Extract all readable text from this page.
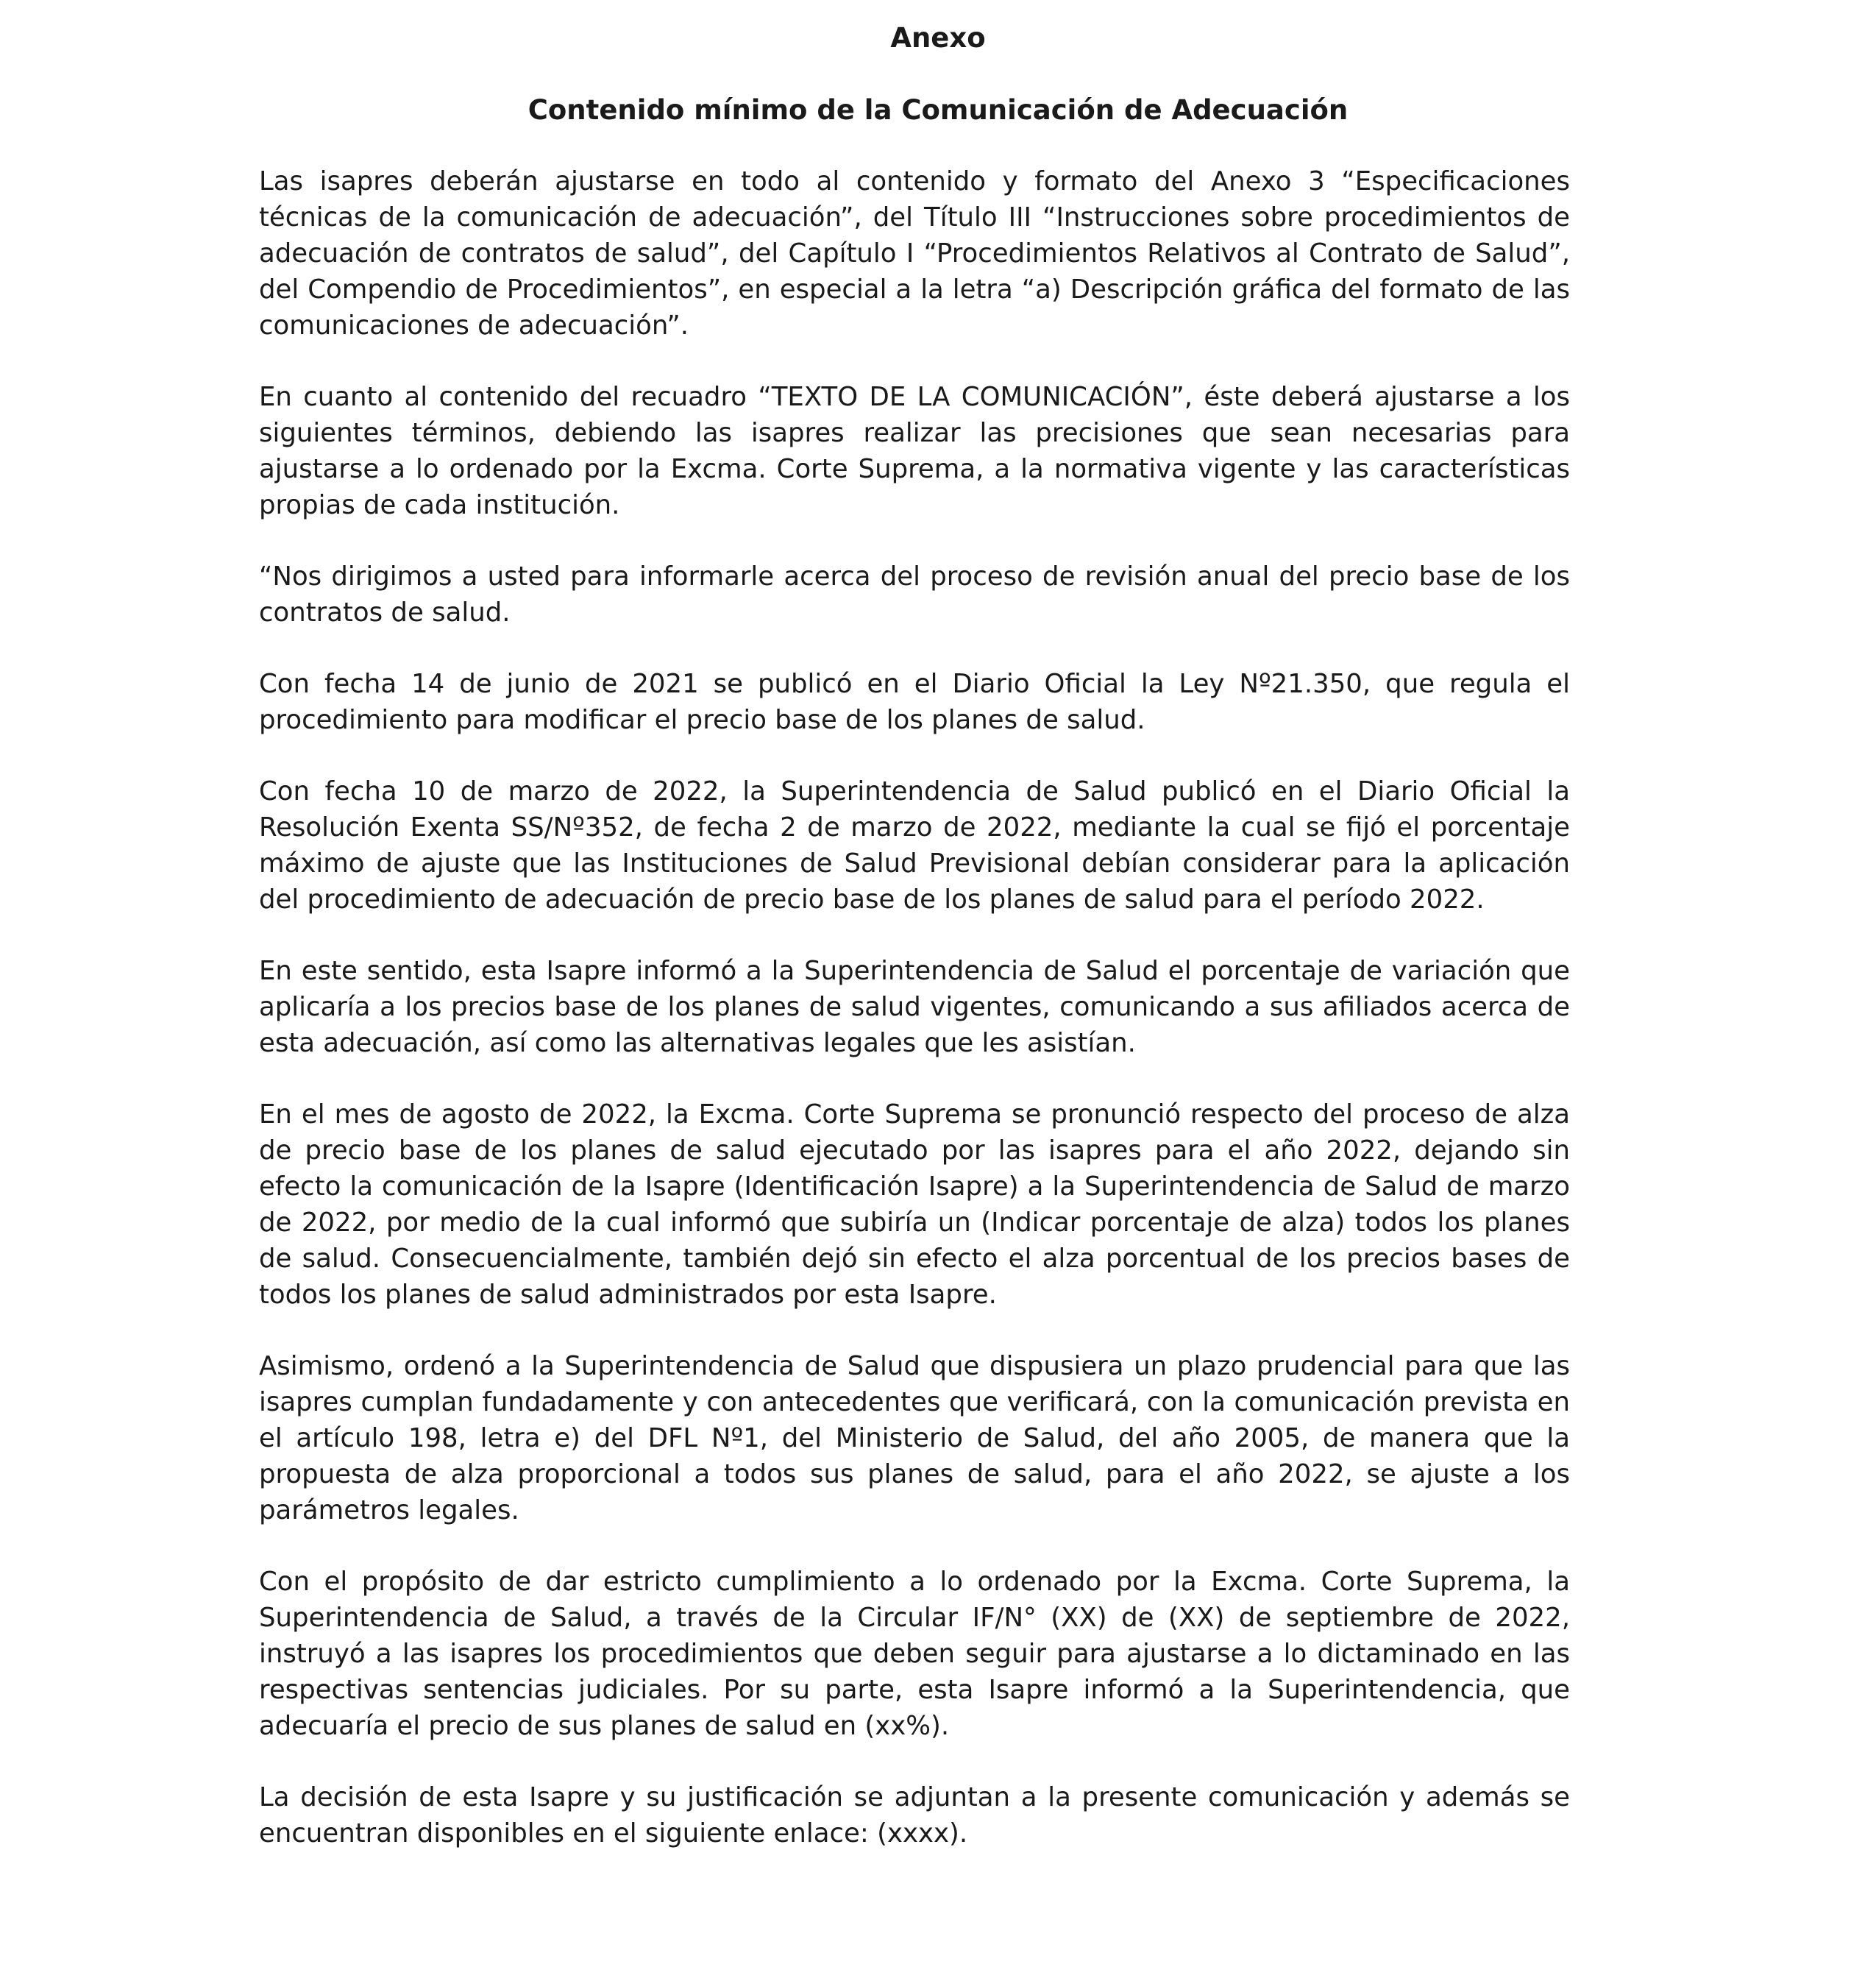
Anexo
Contenido mínimo de la Comunicación de Adecuación

Las isapres deberán ajustarse en todo al contenido y formato del Anexo 3 “Especificaciones técnicas de la comunicación de adecuación”, del Título III “Instrucciones sobre procedimientos de adecuación de contratos de salud”, del Capítulo I “Procedimientos Relativos al Contrato de Salud”, del Compendio de Procedimientos”, en especial a la letra “a) Descripción gráfica del formato de las comunicaciones de adecuación”.

En cuanto al contenido del recuadro “TEXTO DE LA COMUNICACIÓN”, éste deberá ajustarse a los siguientes términos, debiendo las isapres realizar las precisiones que sean necesarias para ajustarse a lo ordenado por la Excma. Corte Suprema, a la normativa vigente y las características propias de cada institución.

“Nos dirigimos a usted para informarle acerca del proceso de revisión anual del precio base de los contratos de salud.

Con fecha 14 de junio de 2021 se publicó en el Diario Oficial la Ley Nº21.350, que regula el procedimiento para modificar el precio base de los planes de salud.

Con fecha 10 de marzo de 2022, la Superintendencia de Salud publicó en el Diario Oficial la Resolución Exenta SS/Nº352, de fecha 2 de marzo de 2022, mediante la cual se fijó el porcentaje máximo de ajuste que las Instituciones de Salud Previsional debían considerar para la aplicación del procedimiento de adecuación de precio base de los planes de salud para el período 2022.

En este sentido, esta Isapre informó a la Superintendencia de Salud el porcentaje de variación que aplicaría a los precios base de los planes de salud vigentes, comunicando a sus afiliados acerca de esta adecuación, así como las alternativas legales que les asistían.

En el mes de agosto de 2022, la Excma. Corte Suprema se pronunció respecto del proceso de alza de precio base de los planes de salud ejecutado por las isapres para el año 2022, dejando sin efecto la comunicación de la Isapre (Identificación Isapre) a la Superintendencia de Salud de marzo de 2022, por medio de la cual informó que subiría un (Indicar porcentaje de alza) todos los planes de salud. Consecuencialmente, también dejó sin efecto el alza porcentual de los precios bases de todos los planes de salud administrados por esta Isapre.

Asimismo, ordenó a la Superintendencia de Salud que dispusiera un plazo prudencial para que las isapres cumplan fundadamente y con antecedentes que verificará, con la comunicación prevista en el artículo 198, letra e) del DFL Nº1, del Ministerio de Salud, del año 2005, de manera que la propuesta de alza proporcional a todos sus planes de salud, para el año 2022, se ajuste a los parámetros legales.

Con el propósito de dar estricto cumplimiento a lo ordenado por la Excma. Corte Suprema, la Superintendencia de Salud, a través de la Circular IF/N° (XX) de (XX) de septiembre de 2022, instruyó a las isapres los procedimientos que deben seguir para ajustarse a lo dictaminado en las respectivas sentencias judiciales. Por su parte, esta Isapre informó a la Superintendencia, que adecuaría el precio de sus planes de salud en (xx%).

La decisión de esta Isapre y su justificación se adjuntan a la presente comunicación y además se encuentran disponibles en el siguiente enlace: (xxxx).
